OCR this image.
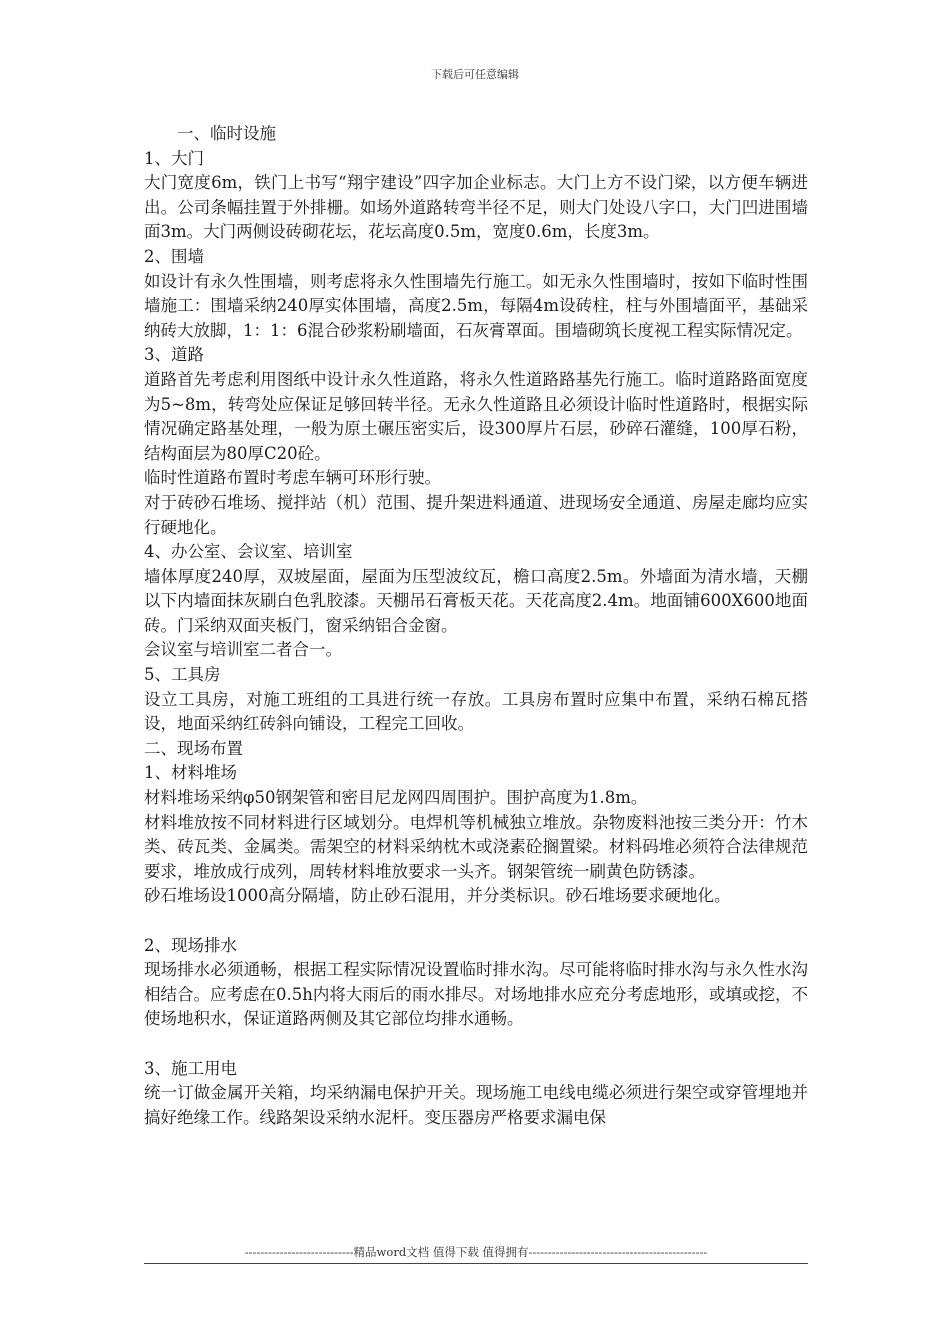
下载后可任意编辑

一、临时设施

1、大门

大门宽度6m，铁门上书写“翔宇建设”四字加企业标志。大门上方不设门梁，以方便车辆进出。公司条幅挂置于外排栅。如场外道路转弯半径不足，则大门处设八字口，大门凹进围墙面3m。大门两侧设砖砌花坛，花坛高度0.5m，宽度0.6m，长度3m。

2、围墙

如设计有永久性围墙，则考虑将永久性围墙先行施工。如无永久性围墙时，按如下临时性围墙施工：围墙采纳240厚实体围墙，高度2.5m，每隔4m设砖柱，柱与外围墙面平，基础采纳砖大放脚，1：1：6混合砂浆粉刷墙面，石灰膏罩面。围墙砌筑长度视工程实际情况定。

3、道路

道路首先考虑利用图纸中设计永久性道路，将永久性道路路基先行施工。临时道路路面宽度为5~8m，转弯处应保证足够回转半径。无永久性道路且必须设计临时性道路时，根据实际情况确定路基处理，一般为原土碾压密实后，设300厚片石层，砂碎石灌缝，100厚石粉，结构面层为80厚C20砼。

临时性道路布置时考虑车辆可环形行驶。

对于砖砂石堆场、搅拌站（机）范围、提升架进料通道、进现场安全通道、房屋走廊均应实行硬地化。

4、办公室、会议室、培训室

墙体厚度240厚，双坡屋面，屋面为压型波纹瓦，檐口高度2.5m。外墙面为清水墙，天棚以下内墙面抹灰刷白色乳胶漆。天棚吊石膏板天花。天花高度2.4m。地面铺600X600地面砖。门采纳双面夹板门，窗采纳铝合金窗。

会议室与培训室二者合一。

5、工具房

设立工具房，对施工班组的工具进行统一存放。工具房布置时应集中布置，采纳石棉瓦搭设，地面采纳红砖斜向铺设，工程完工回收。

二、现场布置

1、材料堆场

材料堆场采纳φ50钢架管和密目尼龙网四周围护。围护高度为1.8m。

材料堆放按不同材料进行区域划分。电焊机等机械独立堆放。杂物废料池按三类分开：竹木类、砖瓦类、金属类。需架空的材料采纳枕木或浇素砼搁置梁。材料码堆必须符合法律规范要求，堆放成行成列，周转材料堆放要求一头齐。钢架管统一刷黄色防锈漆。

砂石堆场设1000高分隔墙，防止砂石混用，并分类标识。砂石堆场要求硬地化。

2、现场排水

现场排水必须通畅，根据工程实际情况设置临时排水沟。尽可能将临时排水沟与永久性水沟相结合。应考虑在0.5h内将大雨后的雨水排尽。对场地排水应充分考虑地形，或填或挖，不使场地积水，保证道路两侧及其它部位均排水通畅。

3、施工用电

统一订做金属开关箱，均采纳漏电保护开关。现场施工电线电缆必须进行架空或穿管埋地并搞好绝缘工作。线路架设采纳水泥杆。变压器房严格要求漏电保

----------------------------精品word文档 值得下载 值得拥有----------------------------------------------
